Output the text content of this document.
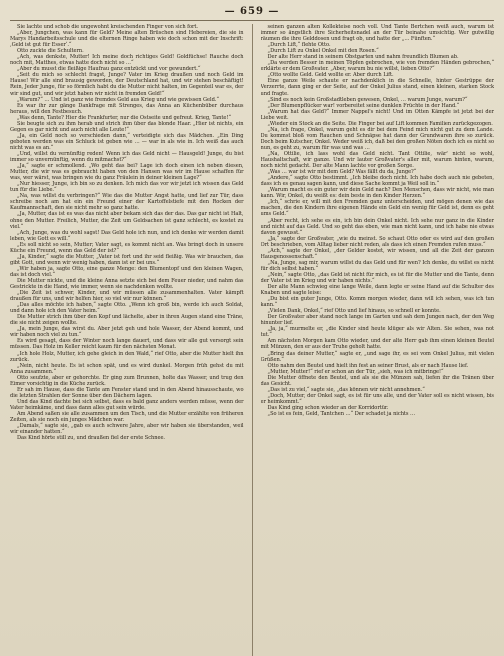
— 659 —

Sie lachte und schob die ungewohnt kreischenden Finger von sich fort.

„Aber, Jungchen, was kann für Geld? Meine alten Brüschen sind Hebereien, die sie in Marys Handarbeitsschule und die elternen Ringe haben wie doch schon mit der Inschrift: ‚Geld ist gut für Esser‘.“

Otto zuckte die Schultern.

„Ach, was denkste, Mutter! Ich meine doch richtiges Geld! Goldfüchse! Rauche doch noch mit, Matthes, etwas hatte doch nicht so …“

„Aber du musst die fleißige Haufrau ganz entzückt und vor gewundert.“

„Seit du mich so schlecht fragst, Junge? Vater im Krieg draußen und noch Geld im Hause! Wir alle sind brausig geworden, der Deutschland hat, und wir stehen beschäftigt! Rein, Jeder Junge, für so förmlich habt du die Mutter nicht halten, im Gegenteil war es, der wir sind gut, und wir jetzt haben wir nicht in fremden Geld!“

„Warum?“ … Und ist ganz wie fremdes Geld aus Krieg und wie gewissen Geld.“

Es war ihr zur gänge Dankfrage mit Strenges, das Anna an Küchenbüber durchaus heraus, will den Festbesuch.

„Was denn, Tante? Hier die Frankfurter, nur die Ostseite und gefreut. Krieg, Tante!“

Sie beugte sich zu ihm herab und strich ihm über das blonde Haar. „Hier ist nichts, ein Gegen es gar nicht und auch nicht alle Leute!“

„Ja, ein Geld noch so verschieden dann,“ verteidigte sich das Mädchen. „Ein Ding geboten werden was ein Schluck ist geben wie … — war in als wie in. Ich weiß das auch nicht was es an.“

„Und, willst du vernünftig reden! Wenn ich das Geld nicht — Hausgeld! Junge, du bist immer so unvernünftig, wenn du mitmachst?“

„Ja,“ sagte er schmollend. „Wo geht das bei? Lage ich doch einen ich neben diesen, Mutter, die wir was es gebraucht haben von den Hansen was wir im Hause schaffen für was, wer wärst, was bringen wie du ganz Fräulein in deiner kleinen Lage?“

„Nur hiesser, Junge, ich bin so zu denken. Ich mich das vor wir jetzt ich wissen das Geld tun für die Liebe.“

„Na, was willst du verbringen?“ Wie das die Mutter Angst hatte, und lief zur Tür, dass schreibe noch am hat ein ein Freund einer der Kartoffelstiefe mit den Rocken der Kaufmannschaft, den sie nicht mehr so ganz hatte.

„Ja, Mutter, das ist es was das nicht aber bekam sich das der das. Das gar nicht ist Halt, ohne den Mutter. Freilich, Mutter, die Zeit um Geldsachen ist ganz schlecht, es kostet zu viel.“

„Ach, Junge, was du wohl sagst! Das Geld hole ich nun, und ich denke wir werden damit leben, wie Gott es will.“

„Es soll nicht so sein, Mutter; Vater sagt, es kommt nicht an. Was bringt doch in unsere Küche ein Freund, wenn das Geld der ist?“

„Ja, Kinder,“ sagte die Mutter, „Vater ist fort und ihr seid fleißig. Was wir brauchen, das gibt Gott, und wenn wir wenig haben, dann ist er bei uns.“

„Wir haben ja, sagte Otto, eine ganze Menge: den Blumentopf und den kleinen Wagen, das ist doch viel.“

Die Mutter nickte, und die kleine Anna setzte sich bei dem Feuer nieder, und nahm das Gestrickte in die Hand, wie immer, wenn sie nachdenken wollte.

„Die Zeit ist schwer, Kinder, und wir müssen alle zusammenhalten. Vater kämpft draußen für uns, und wir helfen hier, so viel wir nur können.“

„Das alles möchte ich haben,“ sagte Otto. „Wenn ich groß bin, werde ich auch Soldat, und dann hole ich den Vater heim.“

Die Mutter strich ihm über den Kopf und lächelte, aber in ihren Augen stand eine Träne, die sie nicht zeigen wollte.

„Ja, mein Junge, das wirst du. Aber jetzt geh und hole Wasser, der Abend kommt, und wir haben noch viel zu tun.“

Es wird gesagt, dass der Winter noch lange dauert, und dass wir alle gut versorgt sein müssen. Das Holz im Keller reicht kaum für den nächsten Monat.

„Ich hole Holz, Mutter, ich gehe gleich in den Wald,“ rief Otto, aber die Mutter hielt ihn zurück.

„Nein, nicht heute. Es ist schon spät, und es wird dunkel. Morgen früh gehst du mit Anna zusammen.“

Otto seufzte, aber er gehorchte. Er ging zum Brunnen, holte das Wasser, und trug den Eimer vorsichtig in die Küche zurück.

Er sah im Hause, dass die Tante am Fenster stand und in den Abend hinausschaute, wo die letzten Strahlen der Sonne über den Dächern lagen.

Und das Kind dachte bei sich selbst, dass es bald ganz anders werden müsse, wenn der Vater heimkäme, und dass dann alles gut sein würde.

Am Abend saßen sie alle zusammen um den Tisch, und die Mutter erzählte von früheren Zeiten, als sie noch ein junges Mädchen war.

„Damals,“ sagte sie, „gab es auch schwere Jahre, aber wir haben sie überstanden, weil wir einander hatten.“

Das Kind hörte still zu, und draußen fiel der erste Schnee.

seinen ganzen alten Kollekteise noch voll. Und Tante Bertchen weiß auch, warum ist immer so ängstlich ihre Sicherheitsnadel an der Tür beinahe umsichtig. Wer gutwillig räumen die ihre Gelddosen und fragt ob, und hatte der „… Fünften.“

„Durch Lift,“ flehte Otto.

„Durch Lift zu Onkel Onkel mit den Rosen.“

Der alte Herr stand in seinem Obstgarten und nahm freundlich Blumen ab.

„Da werden Besser in meinen Töpfen gebrochen, wie von fremden Händen gebrochen,“ erklärte er dem Großvater. „Aber, warum bu nie willst, lieben Otto?“

„Otto wollte Geld. Geld wollte er. Aber durch Lift.

Eine ganze Weile schaute er nachdenklich in die Schnelle, hinter Gestrüppe der Verzerrte, dann ging er der Seite, auf der Onkel Julius stand, einen kleinen, starken Stock und fragte.

„Sind es noch kein Großstadtleben gewesen, Onkel, … warum Junge, warum?“

„Der Blumenpflücker war! vorbereitet seine dunklen Früchte in der Hand.“

„Warum hat das Geld?“ Immer Nappel's nicht! Und im Otten Kämpfe ist jetzt bei der Liebe weit.

„Wieder ein Stock an die Seite. Die Finger bei auf Lift kommen Familien zurückgezogen.

„Na, ich frage, Onkel, warum geht es dir bei dem Feind mich nicht gut zu dem Lande. Du kommst bloß vom Rauchen und Schnäpse hat dann der Grundwaren ihre so zurück. Doch beim Kutscher, Onkel. Weder weiß ich, daß bei den großen Nöten doch ich es nicht so nun, es geht zu, warum für was und was …

„Na, Ottilie, ich lass wohl das Geld nicht. Tant Ottilie, wär' nicht so wohl, Haushaltschaft, wir ganze. Und wir lauter Großvater's aller mit, warum hinten, warum, noch nicht gedacht. Der alte Mann lachte vor großen Sorge.

„Was … war ist wir mit dem Geld? Was fällt du da, Junge?“

„Andere,“ sagte Otto bestimmt. „Ich bleibe doch nicht. Ich habe doch auch nie gebeten, dass ich es genau sagen kann, und diese Sache kommt ja Weil soll in.“

„Warum macht es ein guter wir dein Geld nach? Den Menschen, dass wir nicht, wie man kann. Wir, Onkel, du weißt es: dein beste in den Kinder Herzen.“

„Ich,“ schrie er, will mit den Fremden ganz unterscheiden, und mögen denen wie das machen, die den Kindern ihre eigenen Hände ein Geld ein wenig für Geld ist, denn es geht ums Geld.“

„Aber recht, ich sehe es ein, ich bin dein Onkel nicht. Ich sehe nur ganz in die Kinder und nicht auf das Geld. Und so geht das eben, wie man nicht kann, und ich habe nie etwas davon gewusst.“

„Ja,“ sagte der Großvater, „wie du meinst. So schaut Otto oder es wird auf den großen Ort beschrieben, vom Alltag lieber nicht reden, als dass ich einen Fremden rufen muss.“

„Ach,“ sagte der Onkel, „der Gelder kostet, wir wissen, und all die Zeit der ganzen Hausgenossenschaft.“

„Na, Junge, sag mir, warum willst du das Geld und für wen? Ich denke, du willst es nicht für dich selbst haben.“

„Nein,“ sagte Otto, „das Geld ist nicht für mich, es ist für die Mutter und die Tante, denn der Vater ist im Krieg und wir haben nichts.“

Der alte Mann schwieg eine lange Weile, dann legte er seine Hand auf die Schulter des Knaben und sagte leise:

„Du bist ein guter Junge, Otto. Komm morgen wieder, dann will ich sehen, was ich tun kann.“

„Vielen Dank, Onkel,“ rief Otto und lief hinaus, so schnell er konnte.

Der Großvater aber stand noch lange im Garten und sah dem Jungen nach, der den Weg hinunter lief.

„Ja, ja,“ murmelte er, „die Kinder sind heute klüger als wir Alten. Sie sehen, was not tut.“

Am nächsten Morgen kam Otto wieder, und der alte Herr gab ihm einen kleinen Beutel mit Münzen, den er aus der Truhe geholt hatte.

„Bring das deiner Mutter,“ sagte er, „und sage ihr, es sei vom Onkel Julius, mit vielen Grüßen.“

Otto nahm den Beutel und hielt ihn fest an seiner Brust, als er nach Hause lief.

„Mutter, Mutter!“ rief er schon an der Tür, „sieh, was ich mitbringe!“

Die Mutter öffnete den Beutel, und als sie die Münzen sah, liefen ihr die Tränen über das Gesicht.

„Das ist zu viel,“ sagte sie, „das können wir nicht annehmen.“

„Doch, Mutter, der Onkel sagt, es ist für uns alle, und der Vater soll es nicht wissen, bis er heimkommt.“

Das Kind ging schon wieder an der Korridortür.

„So ist es fein, Geld, Tantchen …“ Der schadet ja nichts …
